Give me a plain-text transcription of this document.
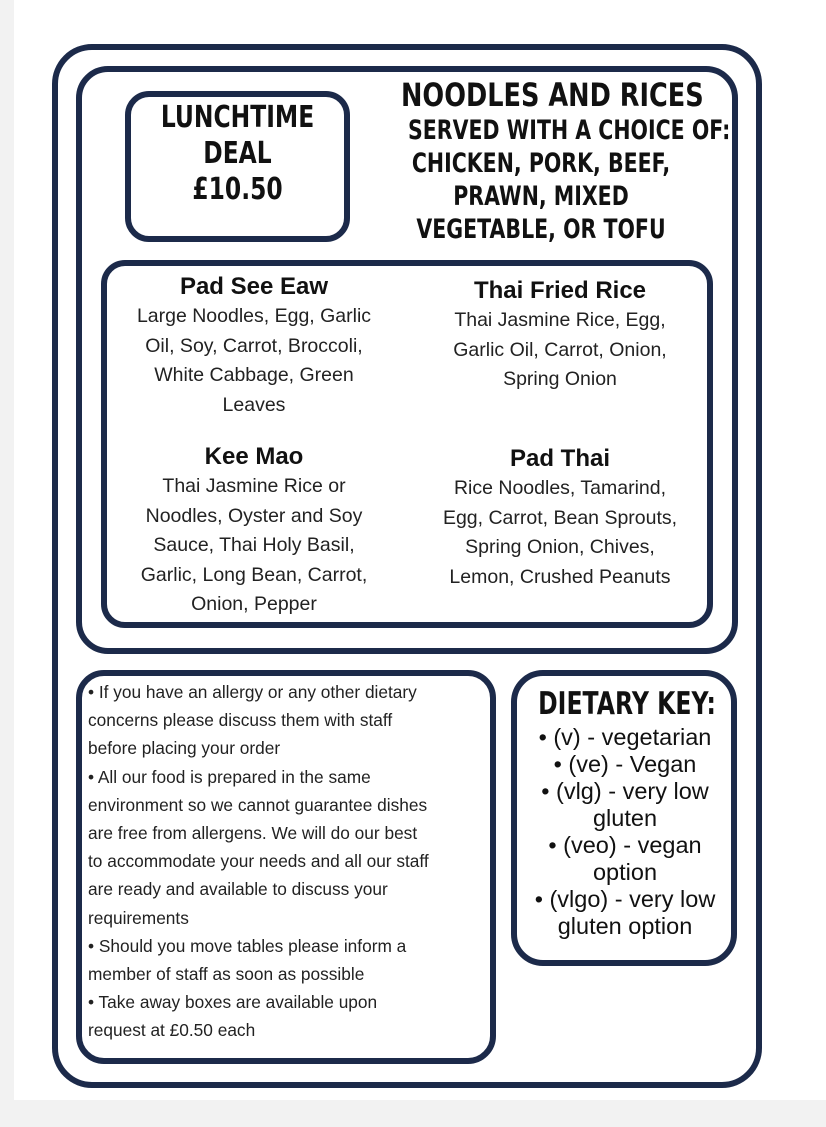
LUNCHTIME
DEAL
£10.50
NOODLES AND RICES
SERVED WITH A CHOICE OF:
CHICKEN, PORK, BEEF,
PRAWN, MIXED
VEGETABLE, OR TOFU
Pad See Eaw
Large Noodles, Egg, Garlic
Oil, Soy, Carrot, Broccoli,
White Cabbage, Green
Leaves
Thai Fried Rice
Thai Jasmine Rice, Egg,
Garlic Oil, Carrot, Onion,
Spring Onion
Kee Mao
Thai Jasmine Rice or
Noodles, Oyster and Soy
Sauce, Thai Holy Basil,
Garlic, Long Bean, Carrot,
Onion, Pepper
Pad Thai
Rice Noodles, Tamarind,
Egg, Carrot, Bean Sprouts,
Spring Onion, Chives,
Lemon, Crushed Peanuts

• If you have an allergy or any other dietary

concerns please discuss them with staff

before placing your order

• All our food is prepared in the same

environment so we cannot guarantee dishes

are free from allergens. We will do our best

to accommodate your needs and all our staff

are ready and available to discuss your

requirements

• Should you move tables please inform a

member of staff as soon as possible

• Take away boxes are available upon

request at £0.50 each

DIETARY KEY:
• (v) - vegetarian
• (ve) - Vegan
• (vlg) - very low
gluten
• (veo) - vegan
option
• (vlgo) - very low
gluten option
